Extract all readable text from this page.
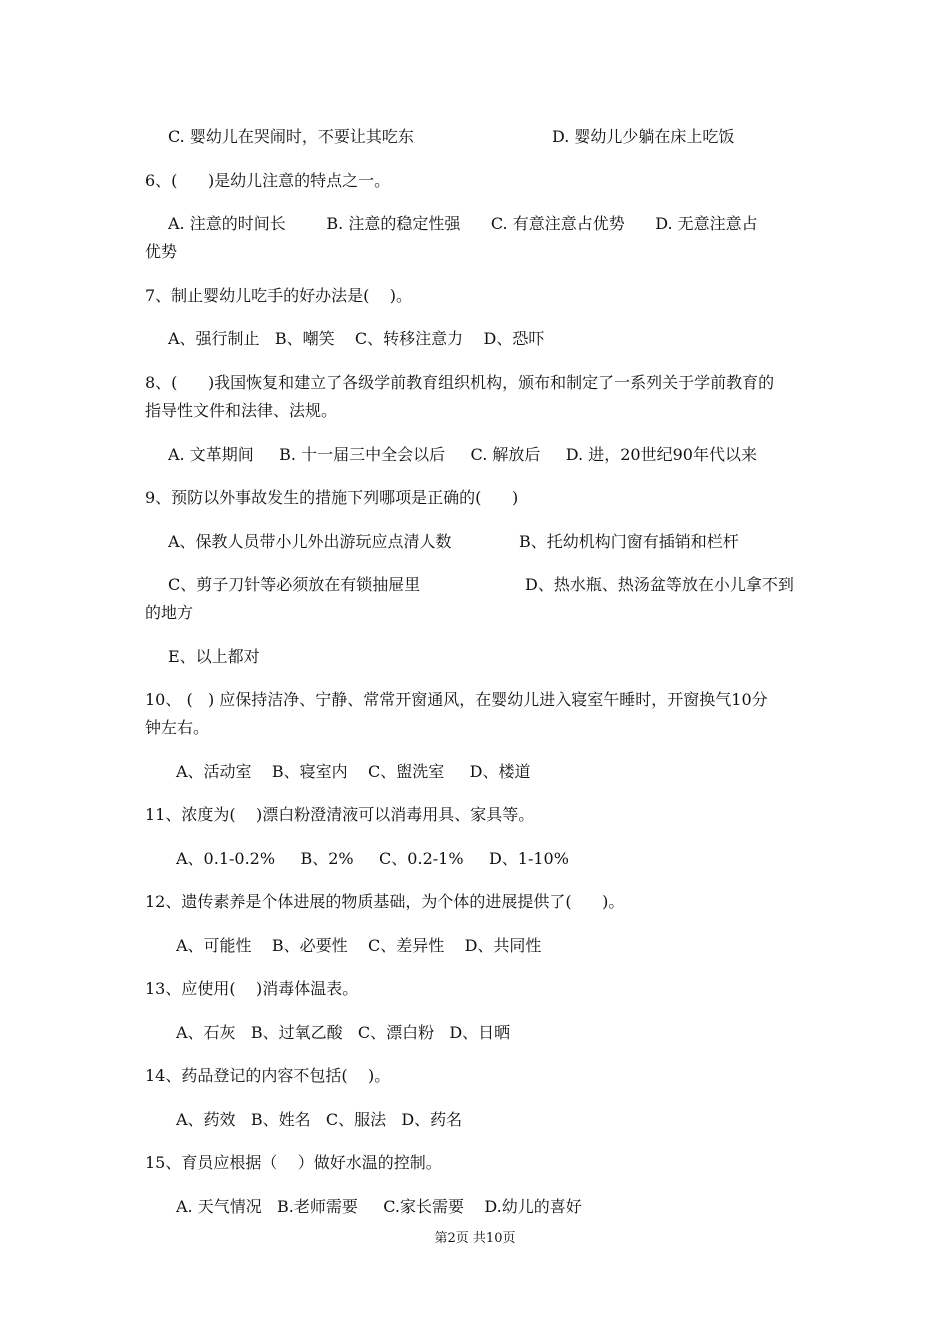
C. 婴幼儿在哭闹时，不要让其吃东	D. 婴幼儿少躺在床上吃饭
6、(      )是幼儿注意的特点之一。
A. 注意的时间长        B. 注意的稳定性强      C. 有意注意占优势      D. 无意注意占
优势
7、制止婴幼儿吃手的好办法是(    )。
A、强行制止   B、嘲笑    C、转移注意力    D、恐吓
8、(      )我国恢复和建立了各级学前教育组织机构，颁布和制定了一系列关于学前教育的
指导性文件和法律、法规。
A. 文革期间     B. 十一届三中全会以后     C. 解放后     D. 进，20世纪90年代以来
9、预防以外事故发生的措施下列哪项是正确的(      )
A、保教人员带小儿外出游玩应点清人数	B、托幼机构门窗有插销和栏杆
C、剪子刀针等必须放在有锁抽屉里	D、热水瓶、热汤盆等放在小儿拿不到
的地方
E、以上都对
10、 (   ) 应保持洁净、宁静、常常开窗通风，在婴幼儿进入寝室午睡时，开窗换气10分
钟左右。
A、活动室    B、寝室内    C、盥洗室     D、楼道
11、浓度为(    )漂白粉澄清液可以消毒用具、家具等。
A、0.1-0.2%     B、2%     C、0.2-1%     D、1-10%
12、遗传素养是个体进展的物质基础，为个体的进展提供了(      )。
A、可能性    B、必要性    C、差异性    D、共同性
13、应使用(    )消毒体温表。
A、石灰   B、过氧乙酸   C、漂白粉   D、日晒
14、药品登记的内容不包括(    )。
A、药效   B、姓名   C、服法   D、药名
15、育员应根据（    ）做好水温的控制。
A. 天气情况   B.老师需要     C.家长需要    D.幼儿的喜好
第2页 共10页
